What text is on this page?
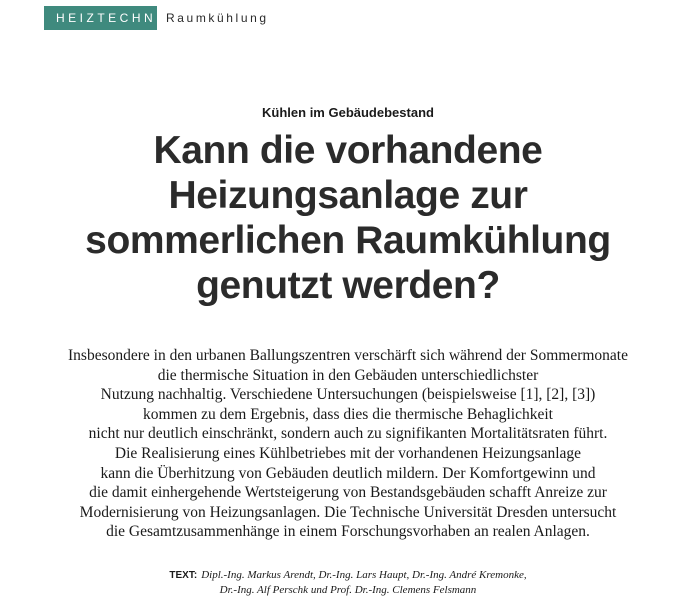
HEIZTECHNIK
Raumkühlung
Kühlen im Gebäudebestand
Kann die vorhandene
Heizungsanlage zur
sommerlichen Raumkühlung
genutzt werden?
Insbesondere in den urbanen Ballungszentren verschärft sich während der Sommermonate
die thermische Situation in den Gebäuden unterschiedlichster
Nutzung nachhaltig. Verschiedene Untersuchungen (beispielsweise [1], [2], [3])
kommen zu dem Ergebnis, dass dies die thermische Behaglichkeit
nicht nur deutlich einschränkt, sondern auch zu signifikanten Mortalitätsraten führt.
Die Realisierung eines Kühlbetriebes mit der vorhandenen Heizungsanlage
kann die Überhitzung von Gebäuden deutlich mildern. Der Komfortgewinn und
die damit einhergehende Wertsteigerung von Bestandsgebäuden schafft Anreize zur
Modernisierung von Heizungsanlagen. Die Technische Universität Dresden untersucht
die Gesamtzusammenhänge in einem Forschungsvorhaben an realen Anlagen.
TEXT: Dipl.-Ing. Markus Arendt, Dr.-Ing. Lars Haupt, Dr.-Ing. André Kremonke,
Dr.-Ing. Alf Perschk und Prof. Dr.-Ing. Clemens Felsmann
